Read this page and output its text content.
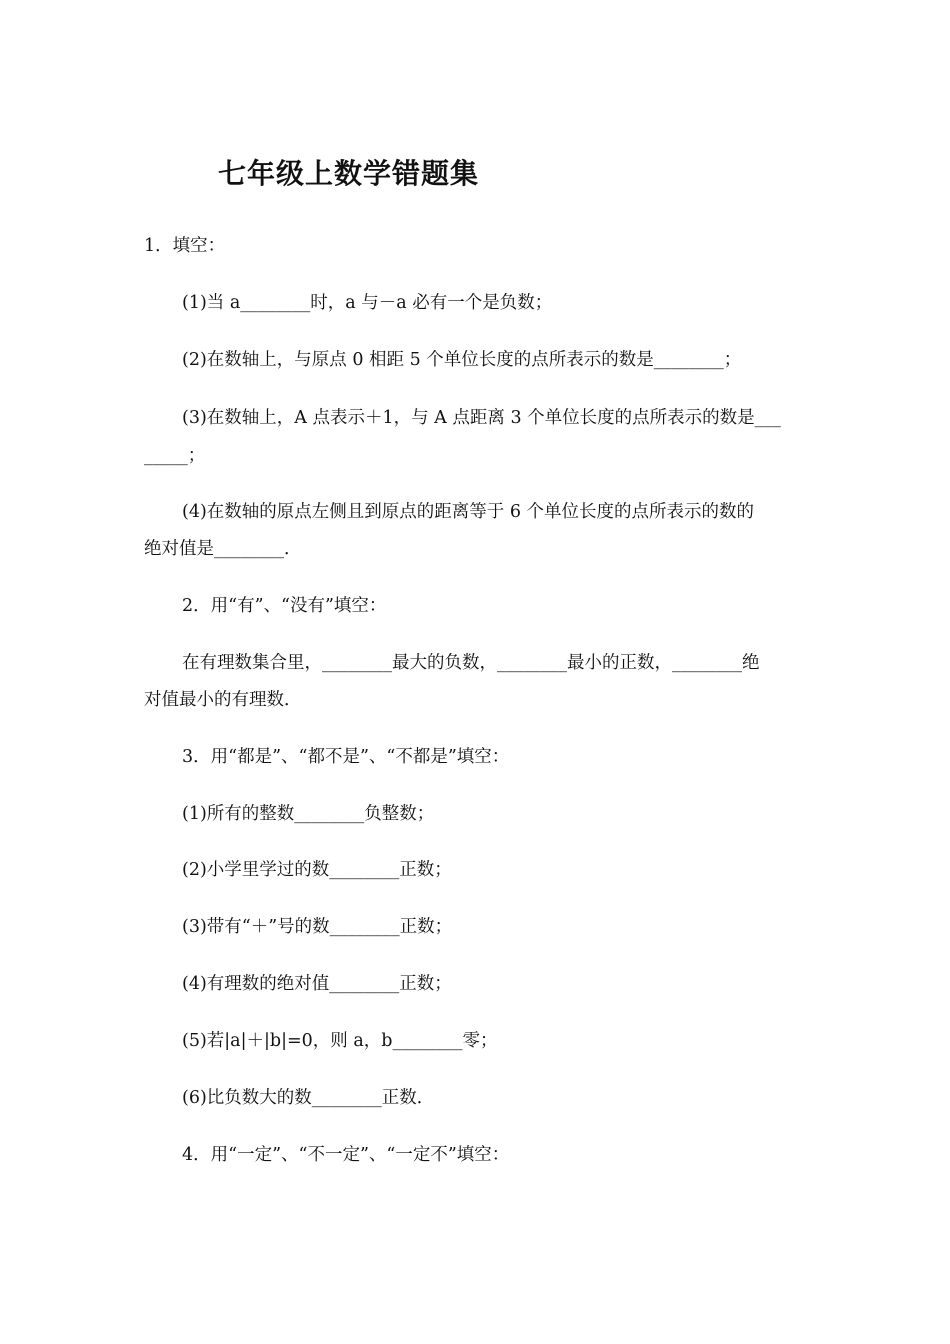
七年级上数学错题集
1．填空：
(1)当 a________时，a 与－a 必有一个是负数；
(2)在数轴上，与原点 0 相距 5 个单位长度的点所表示的数是________；
(3)在数轴上，A 点表示＋1，与 A 点距离 3 个单位长度的点所表示的数是___
_____；
(4)在数轴的原点左侧且到原点的距离等于 6 个单位长度的点所表示的数的
绝对值是________．
2．用“有”、“没有”填空：
在有理数集合里，________最大的负数，________最小的正数，________绝
对值最小的有理数．
3．用“都是”、“都不是”、“不都是”填空：
(1)所有的整数________负整数；
(2)小学里学过的数________正数；
(3)带有“＋”号的数________正数；
(4)有理数的绝对值________正数；
(5)若|a|＋|b|=0，则 a，b________零；
(6)比负数大的数________正数．
4．用“一定”、“不一定”、“一定不”填空：
